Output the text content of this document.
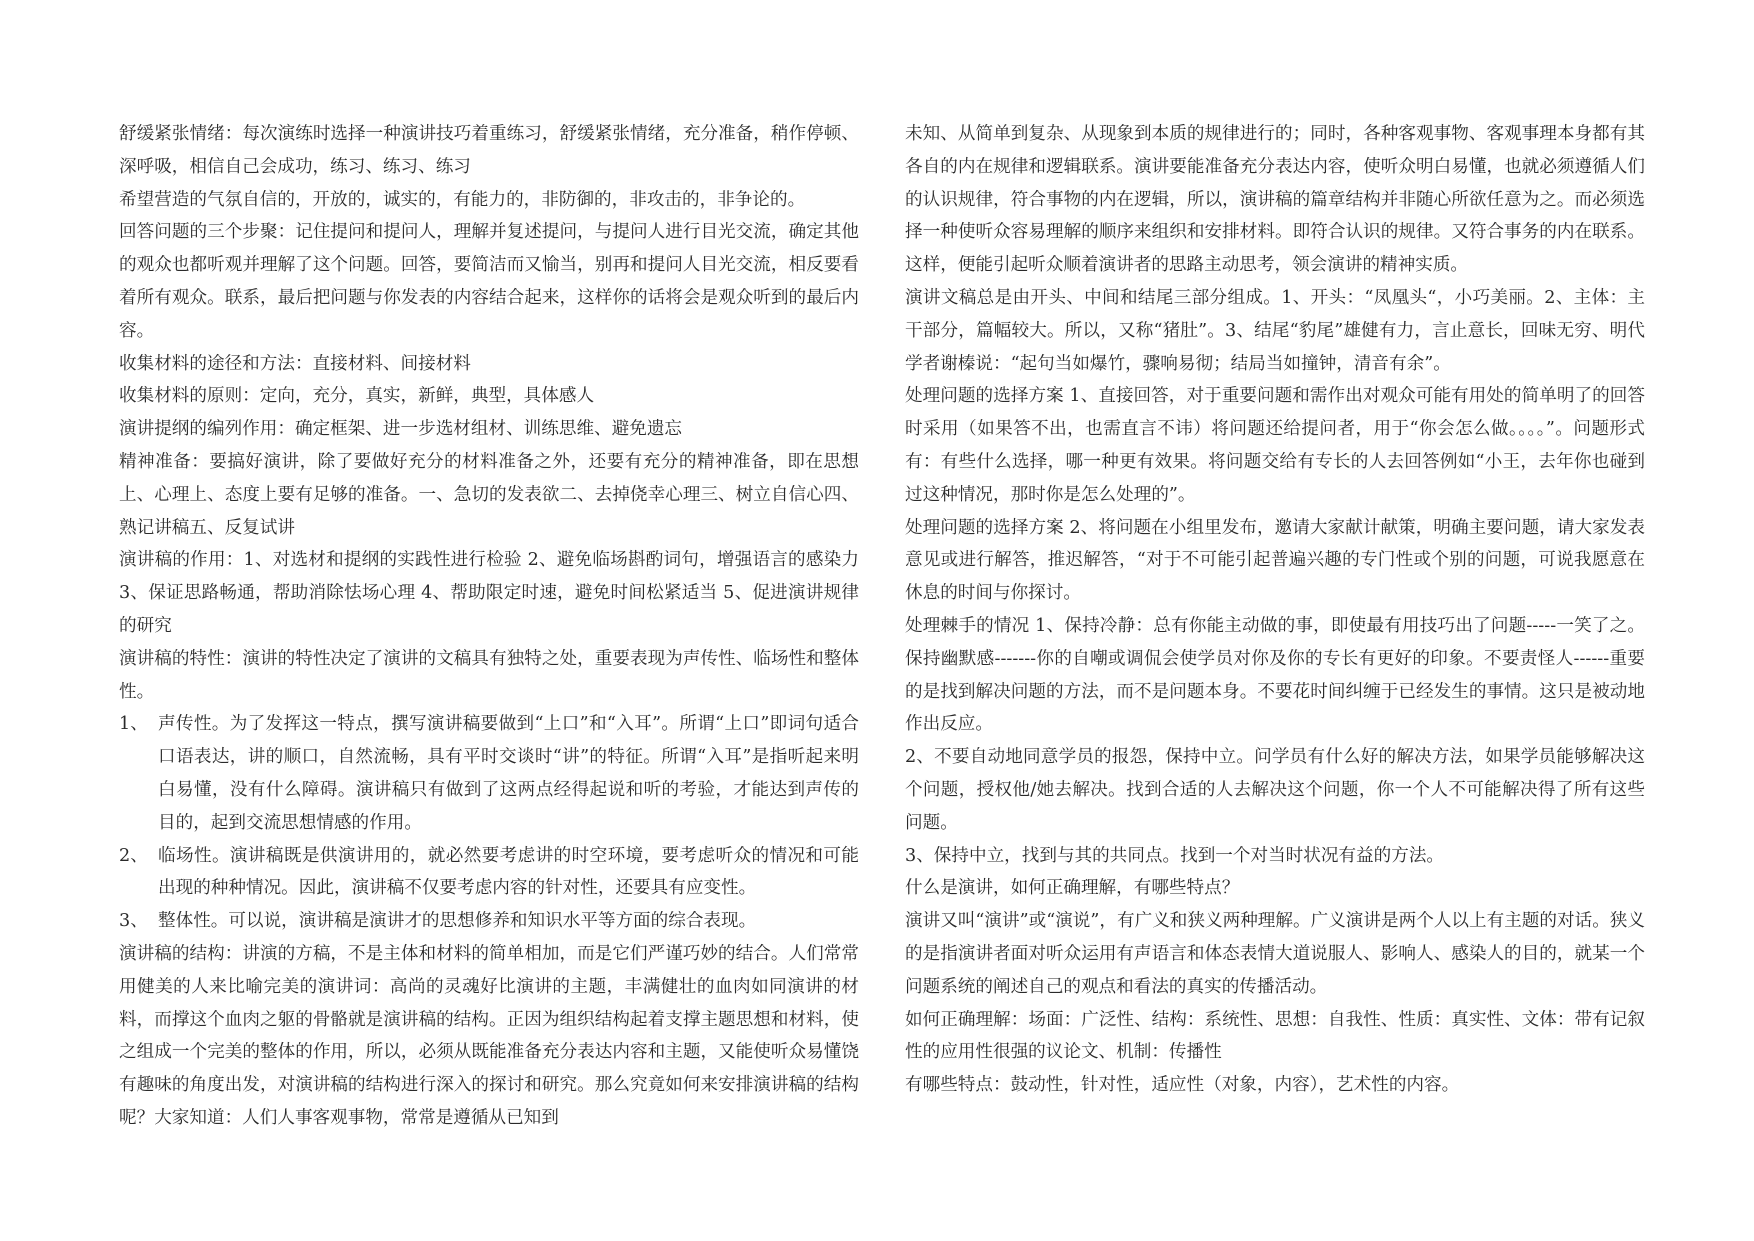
舒缓紧张情绪：每次演练时选择一种演讲技巧着重练习，舒缓紧张情绪，充分准备，稍作停顿、深呼吸，相信自己会成功，练习、练习、练习

希望营造的气氛自信的，开放的，诚实的，有能力的，非防御的，非攻击的，非争论的。

回答问题的三个步聚：记住提问和提问人，理解并复述提问，与提问人进行目光交流，确定其他的观众也都听观并理解了这个问题。回答，要简洁而又愉当，别再和提问人目光交流，相反要看着所有观众。联系，最后把问题与你发表的内容结合起来，这样你的话将会是观众听到的最后内容。

收集材料的途径和方法：直接材料、间接材料

收集材料的原则：定向，充分，真实，新鲜，典型，具体感人

演讲提纲的编列作用：确定框架、进一步选材组材、训练思维、避免遗忘

精神准备：要搞好演讲，除了要做好充分的材料准备之外，还要有充分的精神准备，即在思想上、心理上、态度上要有足够的准备。一、急切的发表欲二、去掉侥幸心理三、树立自信心四、熟记讲稿五、反复试讲

演讲稿的作用：1、对选材和提纲的实践性进行检验 2、避免临场斟酌词句，增强语言的感染力 3、保证思路畅通，帮助消除怯场心理 4、帮助限定时速，避免时间松紧适当 5、促进演讲规律的研究

演讲稿的特性：演讲的特性决定了演讲的文稿具有独特之处，重要表现为声传性、临场性和整体性。

1、 声传性。为了发挥这一特点，撰写演讲稿要做到“上口”和“入耳”。所谓“上口”即词句适合口语表达，讲的顺口，自然流畅，具有平时交谈时“讲”的特征。所谓“入耳”是指听起来明白易懂，没有什么障碍。演讲稿只有做到了这两点经得起说和听的考验，才能达到声传的目的，起到交流思想情感的作用。
2、 临场性。演讲稿既是供演讲用的，就必然要考虑讲的时空环境，要考虑听众的情况和可能出现的种种情况。因此，演讲稿不仅要考虑内容的针对性，还要具有应变性。
3、 整体性。可以说，演讲稿是演讲才的思想修养和知识水平等方面的综合表现。

演讲稿的结构：讲演的方稿，不是主体和材料的简单相加，而是它们严谨巧妙的结合。人们常常用健美的人来比喻完美的演讲词：高尚的灵魂好比演讲的主题，丰满健壮的血肉如同演讲的材料，而撑这个血肉之躯的骨骼就是演讲稿的结构。正因为组织结构起着支撑主题思想和材料，使之组成一个完美的整体的作用，所以，必须从既能准备充分表达内容和主题，又能使听众易懂饶有趣味的角度出发，对演讲稿的结构进行深入的探讨和研究。那么究竟如何来安排演讲稿的结构呢？大家知道：人们人事客观事物，常常是遵循从已知到

未知、从简单到复杂、从现象到本质的规律进行的；同时，各种客观事物、客观事理本身都有其各自的内在规律和逻辑联系。演讲要能准备充分表达内容，使听众明白易懂，也就必须遵循人们的认识规律，符合事物的内在逻辑，所以，演讲稿的篇章结构并非随心所欲任意为之。而必须选择一种使听众容易理解的顺序来组织和安排材料。即符合认识的规律。又符合事务的内在联系。这样，便能引起听众顺着演讲者的思路主动思考，领会演讲的精神实质。

演讲文稿总是由开头、中间和结尾三部分组成。1、开头：“凤凰头“，小巧美丽。2、主体：主干部分，篇幅较大。所以，又称“猪肚”。3、结尾“豹尾”雄健有力，言止意长，回味无穷、明代学者谢榛说：“起句当如爆竹，骤响易彻；结局当如撞钟，清音有余”。

处理问题的选择方案 1、直接回答，对于重要问题和需作出对观众可能有用处的简单明了的回答时采用（如果答不出，也需直言不讳）将问题还给提问者，用于“你会怎么做。。。。”。问题形式有：有些什么选择，哪一种更有效果。将问题交给有专长的人去回答例如“小王，去年你也碰到过这种情况，那时你是怎么处理的”。

处理问题的选择方案 2、将问题在小组里发布，邀请大家献计献策，明确主要问题，请大家发表意见或进行解答，推迟解答，“对于不可能引起普遍兴趣的专门性或个别的问题，可说我愿意在休息的时间与你探讨。

处理棘手的情况 1、保持冷静：总有你能主动做的事，即使最有用技巧出了问题-----一笑了之。保持幽默感-------你的自嘲或调侃会使学员对你及你的专长有更好的印象。不要责怪人------重要的是找到解决问题的方法，而不是问题本身。不要花时间纠缠于已经发生的事情。这只是被动地作出反应。

2、不要自动地同意学员的报怨，保持中立。问学员有什么好的解决方法，如果学员能够解决这个问题，授权他/她去解决。找到合适的人去解决这个问题，你一个人不可能解决得了所有这些问题。

3、保持中立，找到与其的共同点。找到一个对当时状况有益的方法。

什么是演讲，如何正确理解，有哪些特点？

演讲又叫“演讲”或“演说”，有广义和狭义两种理解。广义演讲是两个人以上有主题的对话。狭义的是指演讲者面对听众运用有声语言和体态表情大道说服人、影响人、感染人的目的，就某一个问题系统的阐述自己的观点和看法的真实的传播活动。

如何正确理解：场面：广泛性、结构：系统性、思想：自我性、性质：真实性、文体：带有记叙性的应用性很强的议论文、机制：传播性

有哪些特点：鼓动性，针对性，适应性（对象，内容），艺术性的内容。
